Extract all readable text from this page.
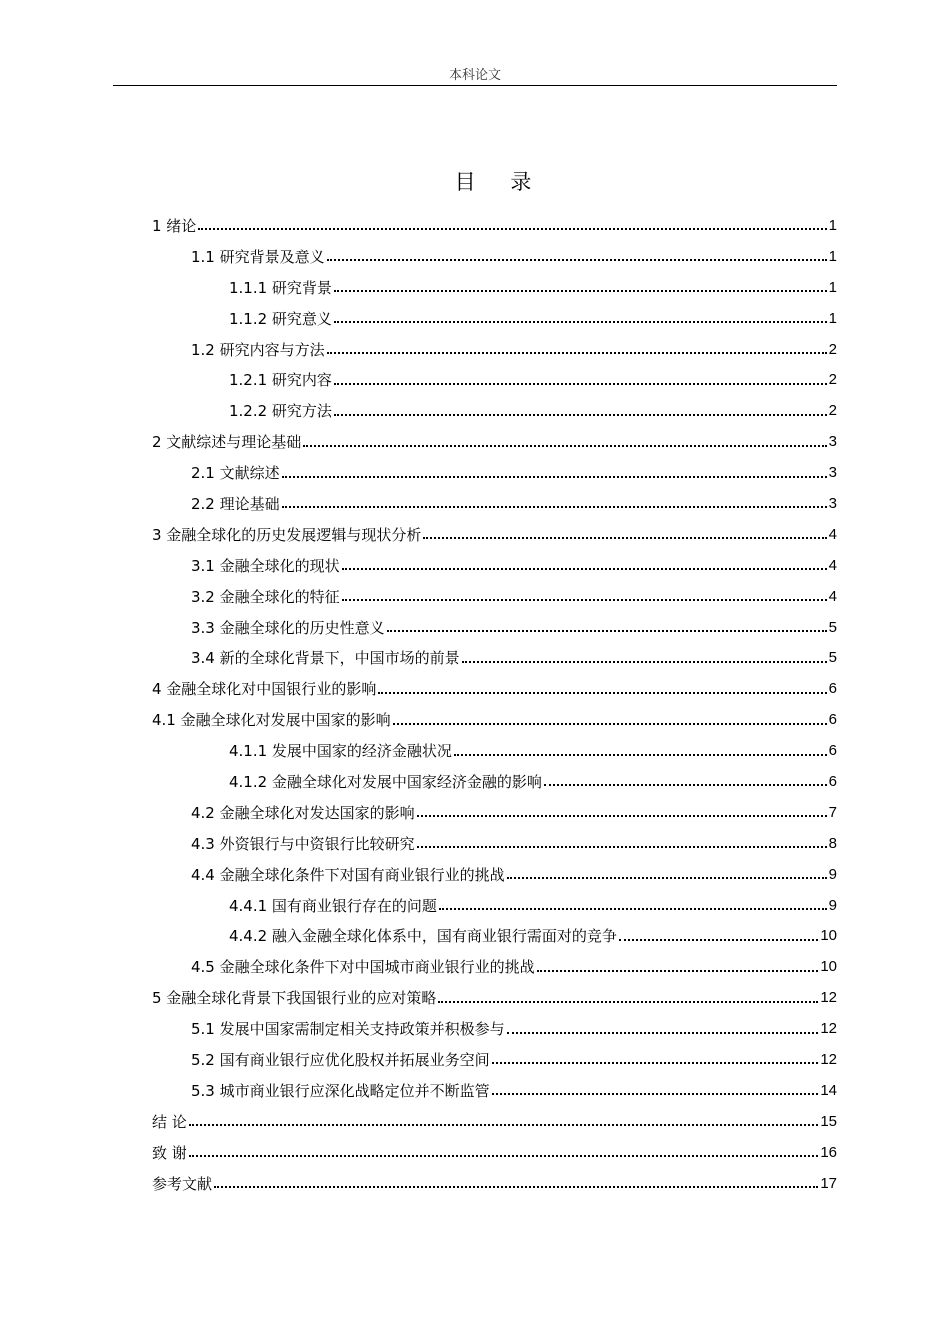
本科论文
目 录
1 绪论	1
1.1 研究背景及意义	1
1.1.1 研究背景	1
1.1.2 研究意义	1
1.2 研究内容与方法	2
1.2.1 研究内容	2
1.2.2 研究方法	2
2 文献综述与理论基础	3
2.1 文献综述	3
2.2 理论基础	3
3 金融全球化的历史发展逻辑与现状分析	4
3.1 金融全球化的现状	4
3.2 金融全球化的特征	4
3.3 金融全球化的历史性意义	5
3.4 新的全球化背景下，中国市场的前景	5
4 金融全球化对中国银行业的影响	6
4.1 金融全球化对发展中国家的影响	6
4.1.1 发展中国家的经济金融状况	6
4.1.2 金融全球化对发展中国家经济金融的影响	6
4.2 金融全球化对发达国家的影响	7
4.3 外资银行与中资银行比较研究	8
4.4 金融全球化条件下对国有商业银行业的挑战	9
4.4.1 国有商业银行存在的问题	9
4.4.2 融入金融全球化体系中，国有商业银行需面对的竞争	10
4.5 金融全球化条件下对中国城市商业银行业的挑战	10
5 金融全球化背景下我国银行业的应对策略	12
5.1 发展中国家需制定相关支持政策并积极参与	12
5.2 国有商业银行应优化股权并拓展业务空间	12
5.3 城市商业银行应深化战略定位并不断监管	14
结 论	15
致 谢	16
参考文献	17
